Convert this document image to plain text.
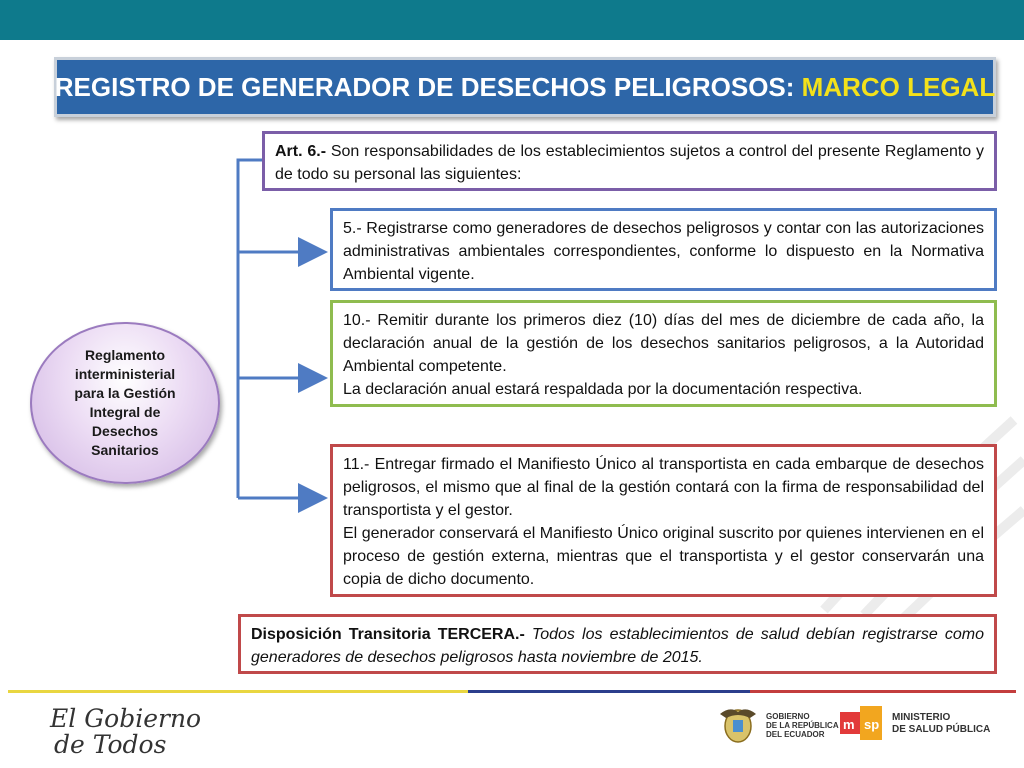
REGISTRO DE GENERADOR DE DESECHOS PELIGROSOS: MARCO LEGAL
Reglamento interministerial para la Gestión Integral de Desechos Sanitarios

Art. 6.- Son responsabilidades de los establecimientos sujetos a control del presente Reglamento y de todo su personal las siguientes:

5.- Registrarse como generadores de desechos peligrosos y contar con las autorizaciones administrativas ambientales correspondientes, conforme lo dispuesto en la Normativa Ambiental vigente.

10.- Remitir durante los primeros diez (10) días del mes de diciembre de cada año, la declaración anual de la gestión de los desechos sanitarios peligrosos, a la Autoridad Ambiental competente.

La declaración anual estará respaldada por la documentación respectiva.

11.- Entregar firmado el Manifiesto Único al transportista en cada embarque de desechos peligrosos, el mismo que al final de la gestión contará con la firma de responsabilidad del transportista y el gestor.

El generador conservará el Manifiesto Único original suscrito por quienes intervienen en el proceso de gestión externa, mientras que el transportista y el gestor conservarán una copia de dicho documento.

Disposición Transitoria TERCERA.- Todos los establecimientos de salud debían registrarse como generadores de desechos peligrosos hasta noviembre de 2015.

El Gobierno
de Todos
GOBIERNO
DE LA REPÚBLICA
DEL ECUADOR
m sp MINISTERIO
DE SALUD PÚBLICA
